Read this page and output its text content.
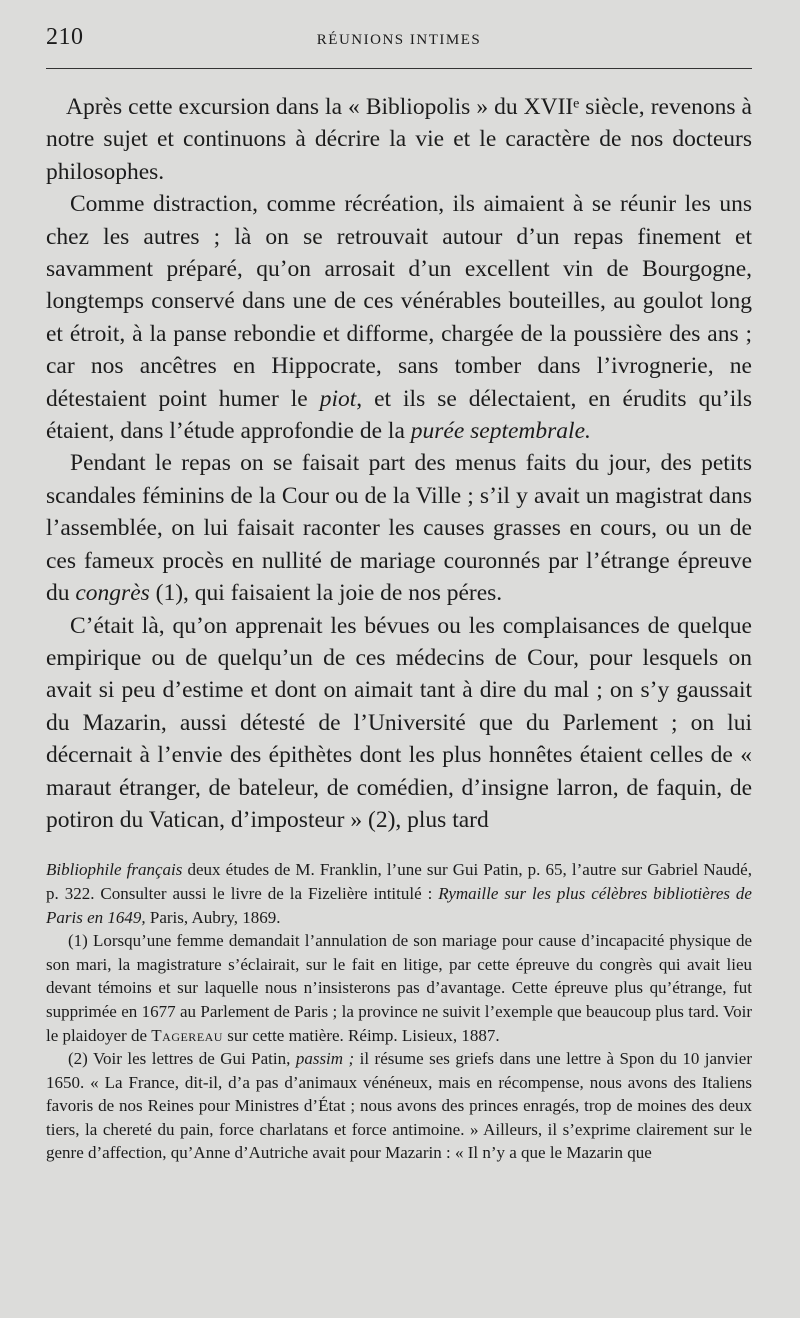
210	RÉUNIONS INTIMES

Après cette excursion dans la « Bibliopolis » du XVIIᵉ siècle, revenons à notre sujet et continuons à décrire la vie et le caractère de nos docteurs philosophes.

Comme distraction, comme récréation, ils aimaient à se réunir les uns chez les autres ; là on se retrouvait autour d’un repas finement et savamment préparé, qu’on arrosait d’un excellent vin de Bourgogne, longtemps conservé dans une de ces vénérables bouteilles, au goulot long et étroit, à la panse rebondie et difforme, chargée de la poussière des ans ; car nos ancêtres en Hippocrate, sans tomber dans l’ivrognerie, ne détestaient point humer le piot, et ils se délectaient, en érudits qu’ils étaient, dans l’étude approfondie de la purée septembrale.

Pendant le repas on se faisait part des menus faits du jour, des petits scandales féminins de la Cour ou de la Ville ; s’il y avait un magistrat dans l’assemblée, on lui faisait raconter les causes grasses en cours, ou un de ces fameux procès en nullité de mariage couronnés par l’étrange épreuve du congrès (1), qui faisaient la joie de nos péres.

C’était là, qu’on apprenait les bévues ou les complaisances de quelque empirique ou de quelqu’un de ces médecins de Cour, pour lesquels on avait si peu d’estime et dont on aimait tant à dire du mal ; on s’y gaussait du Mazarin, aussi détesté de l’Université que du Parlement ; on lui décernait à l’envie des épithètes dont les plus honnêtes étaient celles de « maraut étranger, de bateleur, de comédien, d’insigne larron, de faquin, de potiron du Vatican, d’imposteur » (2), plus tard

Bibliophile français deux études de M. Franklin, l’une sur Gui Patin, p. 65, l’autre sur Gabriel Naudé, p. 322. Consulter aussi le livre de la Fizelière intitulé : Rymaille sur les plus célèbres bibliotières de Paris en 1649, Paris, Aubry, 1869.

(1) Lorsqu’une femme demandait l’annulation de son mariage pour cause d’incapacité physique de son mari, la magistrature s’éclairait, sur le fait en litige, par cette épreuve du congrès qui avait lieu devant témoins et sur laquelle nous n’insisterons pas d’avantage. Cette épreuve plus qu’étrange, fut supprimée en 1677 au Parlement de Paris ; la province ne suivit l’exemple que beaucoup plus tard. Voir le plaidoyer de Tagereau sur cette matière. Réimp. Lisieux, 1887.

(2) Voir les lettres de Gui Patin, passim ; il résume ses griefs dans une lettre à Spon du 10 janvier 1650. « La France, dit-il, d’a pas d’animaux vénéneux, mais en récompense, nous avons des Italiens favoris de nos Reines pour Ministres d’État ; nous avons des princes enragés, trop de moines des deux tiers, la chereté du pain, force charlatans et force antimoine. » Ailleurs, il s’exprime clairement sur le genre d’affection, qu’Anne d’Autriche avait pour Mazarin : « Il n’y a que le Mazarin que
